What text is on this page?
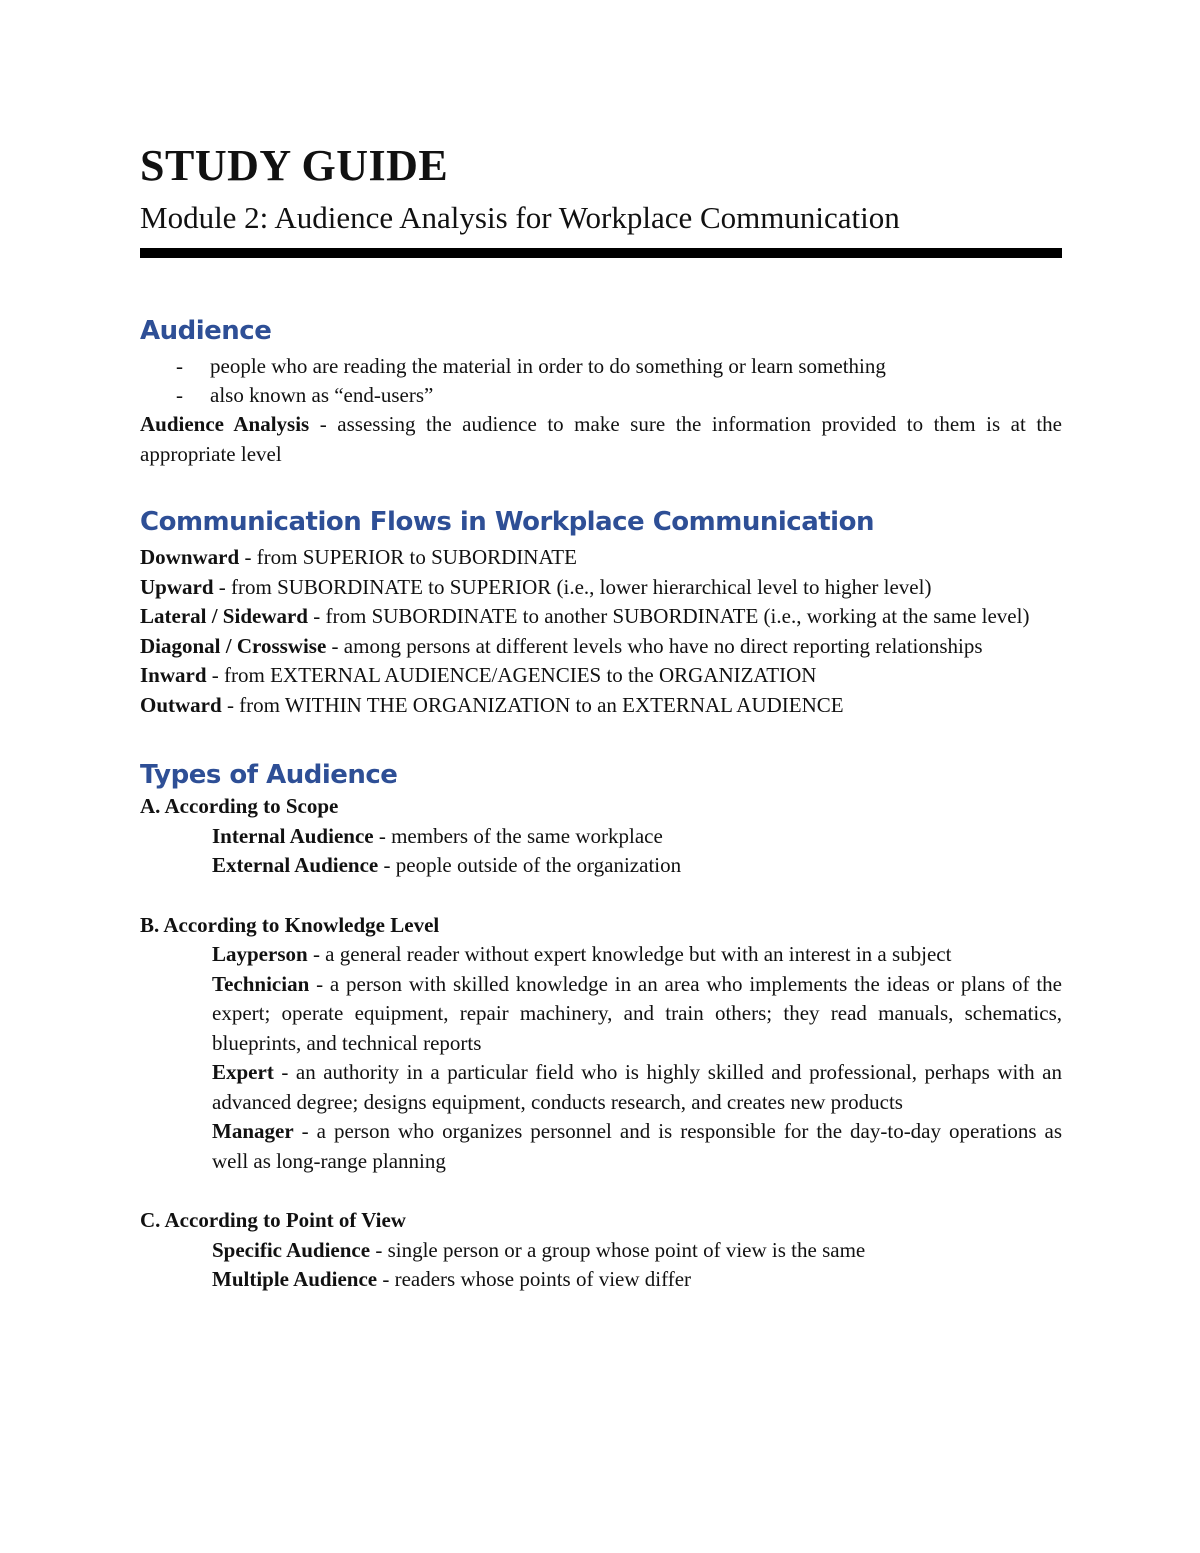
STUDY GUIDE
Module 2: Audience Analysis for Workplace Communication
Audience
- people who are reading the material in order to do something or learn something
- also known as “end-users”

Audience Analysis - assessing the audience to make sure the information provided to them is at the appropriate level

Communication Flows in Workplace Communication

Downward - from SUPERIOR to SUBORDINATE

Upward - from SUBORDINATE to SUPERIOR (i.e., lower hierarchical level to higher level)

Lateral / Sideward - from SUBORDINATE to another SUBORDINATE (i.e., working at the same level)

Diagonal / Crosswise - among persons at different levels who have no direct reporting relationships

Inward - from EXTERNAL AUDIENCE/AGENCIES to the ORGANIZATION

Outward - from WITHIN THE ORGANIZATION to an EXTERNAL AUDIENCE

Types of Audience

A. According to Scope

Internal Audience - members of the same workplace

External Audience - people outside of the organization

B. According to Knowledge Level

Layperson - a general reader without expert knowledge but with an interest in a subject

Technician - a person with skilled knowledge in an area who implements the ideas or plans of the expert; operate equipment, repair machinery, and train others; they read manuals, schematics, blueprints, and technical reports

Expert - an authority in a particular field who is highly skilled and professional, perhaps with an advanced degree; designs equipment, conducts research, and creates new products

Manager - a person who organizes personnel and is responsible for the day-to-day operations as well as long-range planning

C. According to Point of View

Specific Audience - single person or a group whose point of view is the same

Multiple Audience - readers whose points of view differ
